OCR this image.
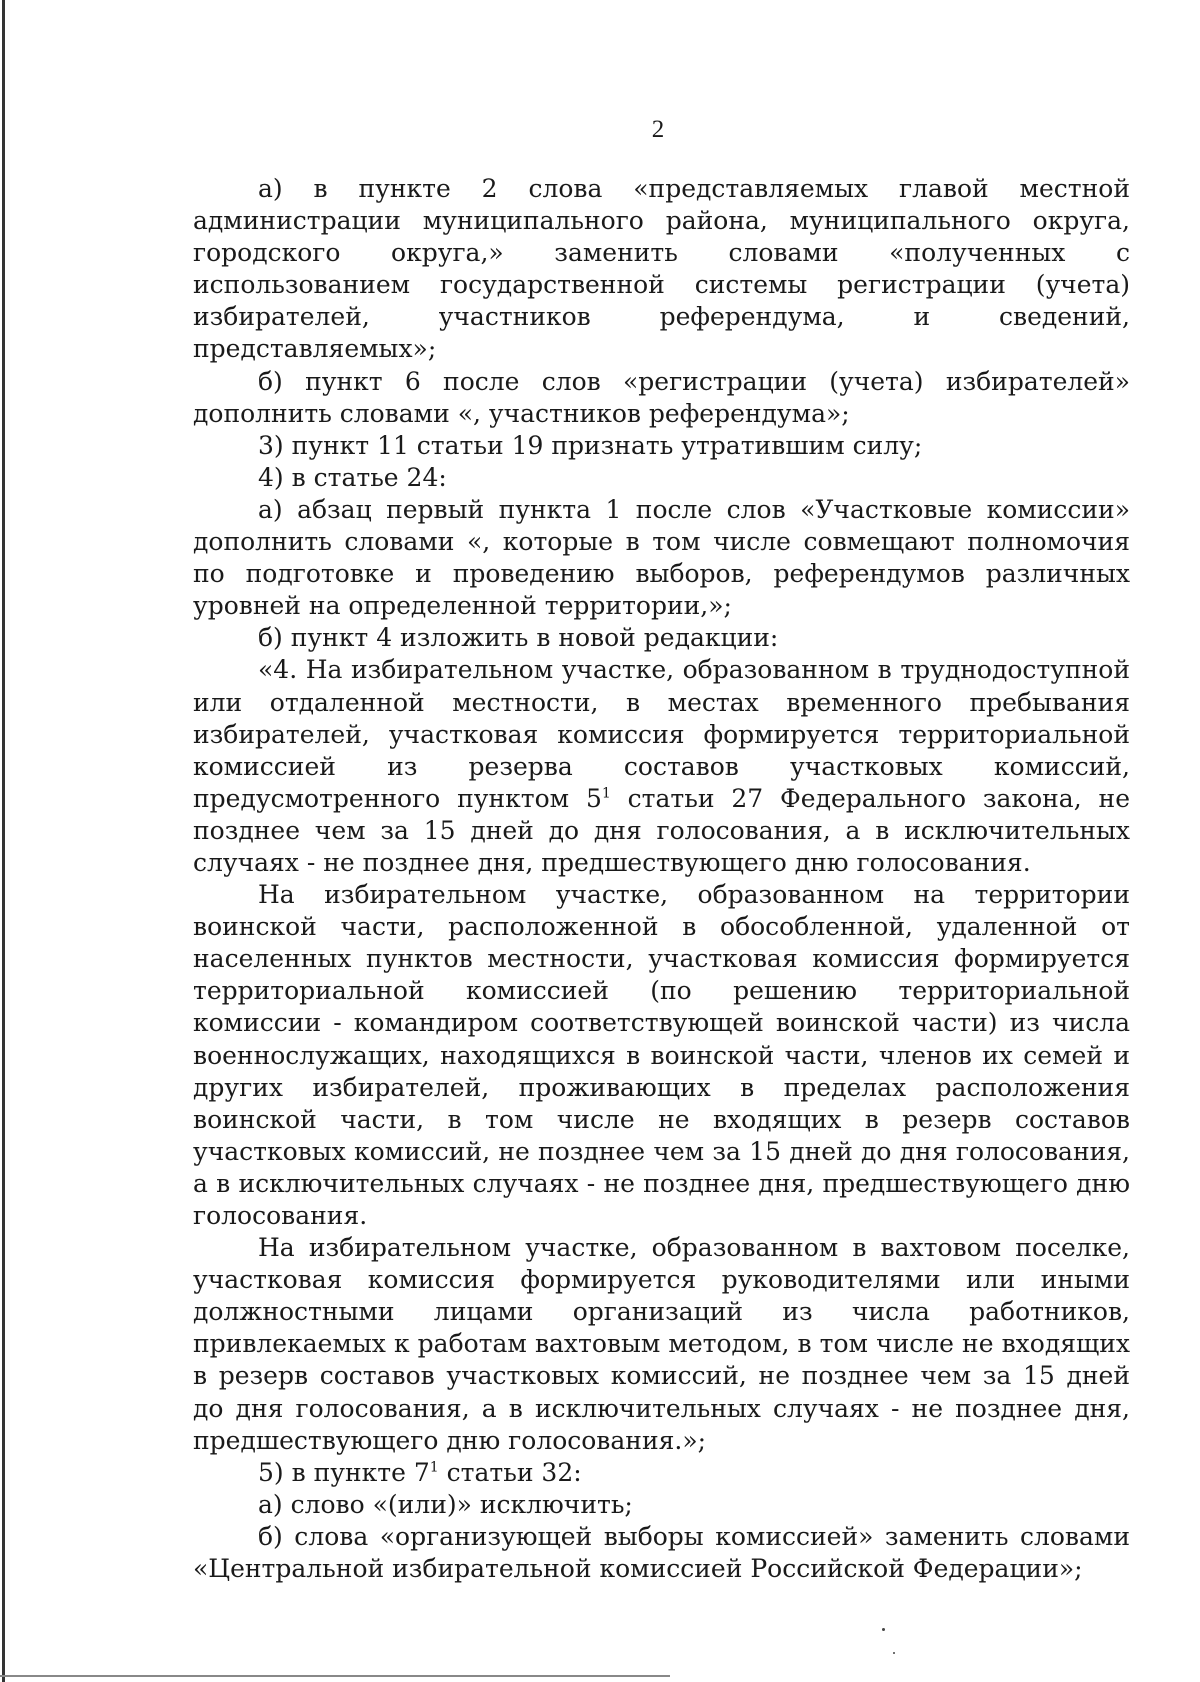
2

а) в пункте 2 слова «представляемых главой местной администрации муниципального района, муниципального округа, городского округа,» заменить словами «полученных с использованием государственной системы регистрации (учета) избирателей, участников референдума, и сведений, представляемых»;

б) пункт 6 после слов «регистрации (учета) избирателей» дополнить словами «, участников референдума»;

3) пункт 11 статьи 19 признать утратившим силу;

4) в статье 24:

а) абзац первый пункта 1 после слов «Участковые комиссии» дополнить словами «, которые в том числе совмещают полномочия по подготовке и проведению выборов, референдумов различных уровней на определенной территории,»;

б) пункт 4 изложить в новой редакции:

«4. На избирательном участке, образованном в труднодоступной или отдаленной местности, в местах временного пребывания избирателей, участковая комиссия формируется территориальной комиссией из резерва составов участковых комиссий, предусмотренного пунктом $5^1$ статьи 27 Федерального закона, не позднее чем за 15 дней до дня голосования, а в исключительных случаях - не позднее дня, предшествующего дню голосования.

На избирательном участке, образованном на территории воинской части, расположенной в обособленной, удаленной от населенных пунктов местности, участковая комиссия формируется территориальной комиссией (по решению территориальной комиссии - командиром соответствующей воинской части) из числа военнослужащих, находящихся в воинской части, членов их семей и других избирателей, проживающих в пределах расположения воинской части, в том числе не входящих в резерв составов участковых комиссий, не позднее чем за 15 дней до дня голосования, а в исключительных случаях - не позднее дня, предшествующего дню голосования.

На избирательном участке, образованном в вахтовом поселке, участковая комиссия формируется руководителями или иными должностными лицами организаций из числа работников, привлекаемых к работам вахтовым методом, в том числе не входящих в резерв составов участковых комиссий, не позднее чем за 15 дней до дня голосования, а в исключительных случаях - не позднее дня, предшествующего дню голосования.»;

5) в пункте $7^1$ статьи 32:

а) слово «(или)» исключить;

б) слова «организующей выборы комиссией» заменить словами «Центральной избирательной комиссией Российской Федерации»;
